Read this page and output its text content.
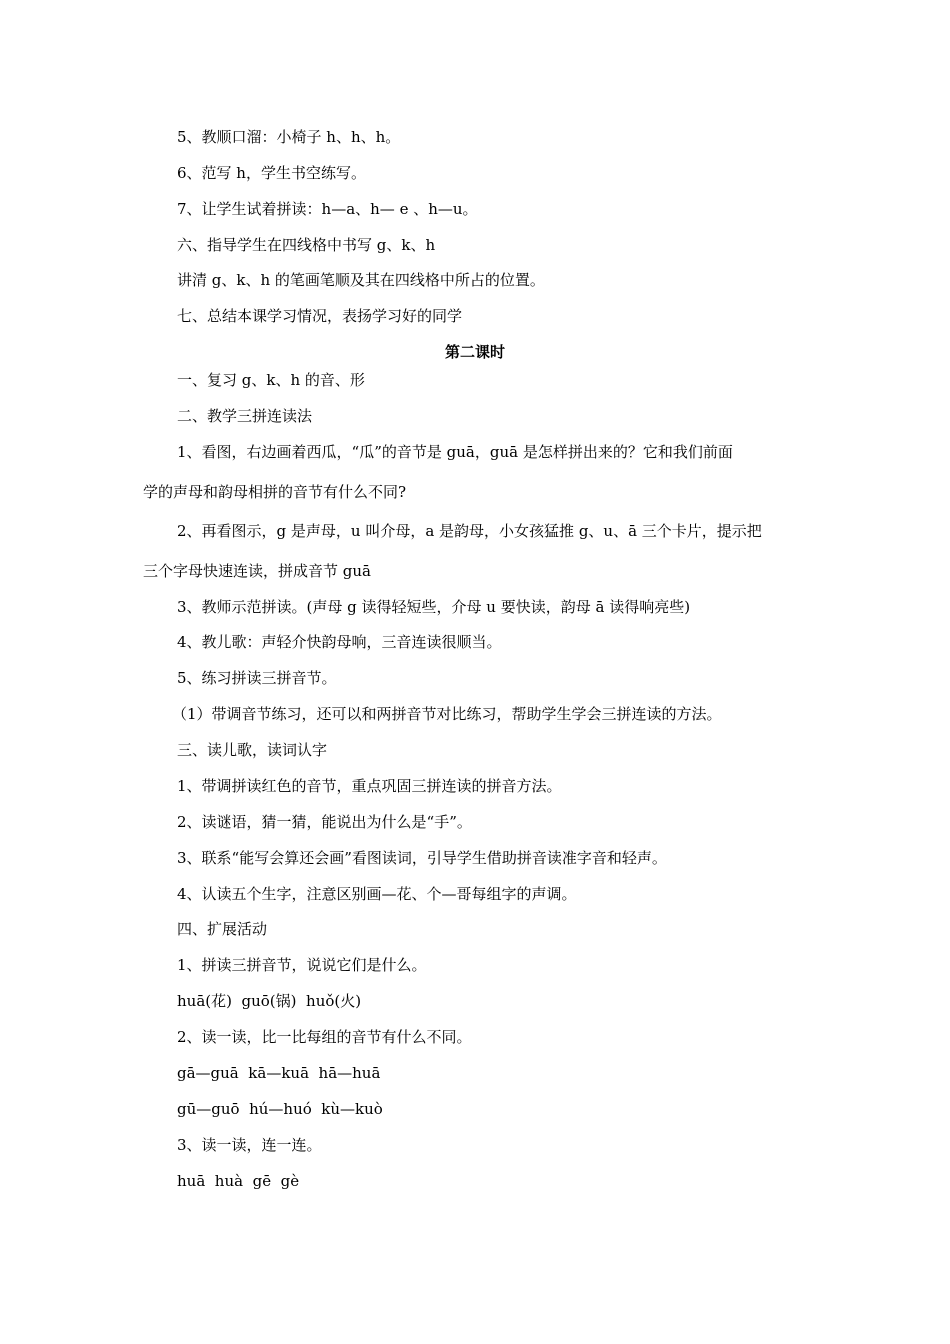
5、教顺口溜：小椅子 h、h、h。
6、范写 h，学生书空练写。
7、让学生试着拼读：h—a、h— e 、h—u。
六、指导学生在四线格中书写 g、k、h
讲清 g、k、h 的笔画笔顺及其在四线格中所占的位置。
七、总结本课学习情况，表扬学习好的同学
第二课时
一、复习 g、k、h 的音、形
二、教学三拼连读法
1、看图，右边画着西瓜，“瓜”的音节是 guā，guā 是怎样拼出来的？它和我们前面
学的声母和韵母相拼的音节有什么不同?
2、再看图示，g 是声母，u 叫介母，a 是韵母，小女孩猛推 g、u、ā 三个卡片，提示把
三个字母快速连读，拼成音节 guā
3、教师示范拼读。(声母 g 读得轻短些，介母 u 要快读，韵母 ā 读得响亮些)
4、教儿歌：声轻介快韵母响，三音连读很顺当。
5、练习拼读三拼音节。
（1）带调音节练习，还可以和两拼音节对比练习，帮助学生学会三拼连读的方法。
三、读儿歌，读词认字
1、带调拼读红色的音节，重点巩固三拼连读的拼音方法。
2、读谜语，猜一猜，能说出为什么是“手”。
3、联系“能写会算还会画”看图读词，引导学生借助拼音读准字音和轻声。
4、认读五个生字，注意区别画—花、个—哥每组字的声调。
四、扩展活动
1、拼读三拼音节，说说它们是什么。
huā(花)  guō(锅)  huǒ(火)
2、读一读，比一比每组的音节有什么不同。
gā—guā  kā—kuā  hā—huā
gū—guō  hú—huó  kù—kuò
3、读一读，连一连。
huā  huà  gē  gè
